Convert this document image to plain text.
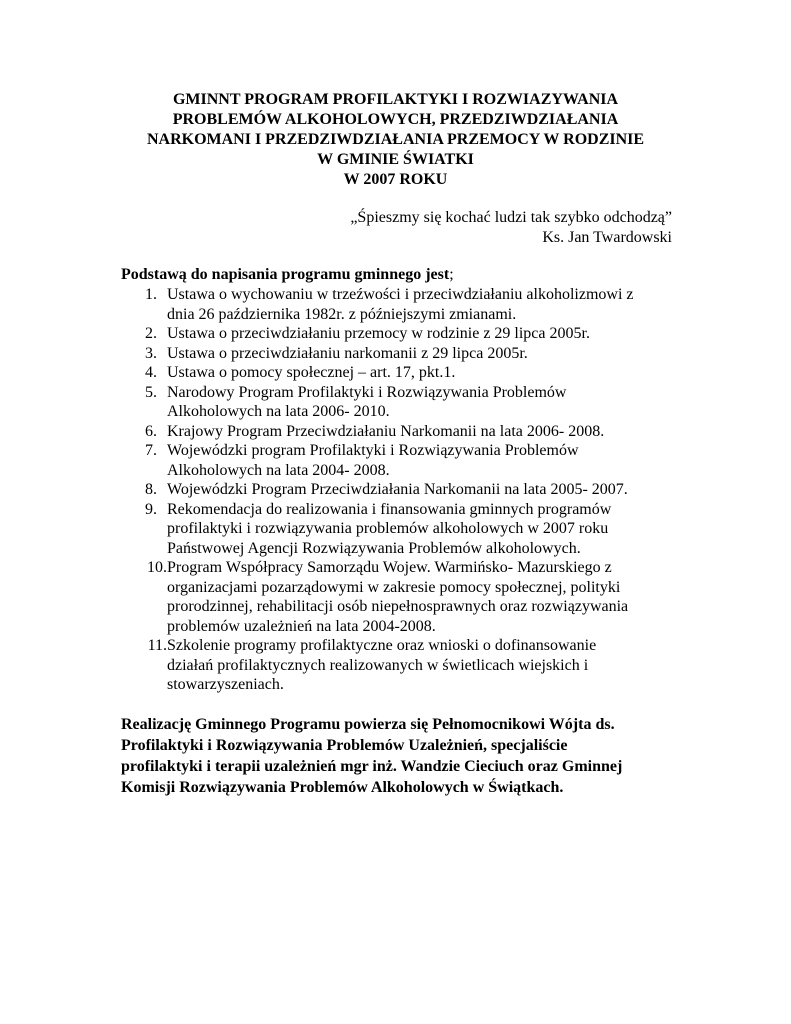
GMINNT PROGRAM PROFILAKTYKI I ROZWIAZYWANIA
PROBLEMÓW ALKOHOLOWYCH, PRZEDZIWDZIAŁANIA
NARKOMANI I PRZEDZIWDZIAŁANIA PRZEMOCY W RODZINIE
W GMINIE ŚWIATKI
W 2007 ROKU
„Śpieszmy się kochać ludzi tak szybko odchodzą”
Ks. Jan Twardowski
Podstawą do napisania programu gminnego jest;
1. Ustawa o wychowaniu w trzeźwości i przeciwdziałaniu alkoholizmowi z
dnia 26 października 1982r. z późniejszymi zmianami.
2. Ustawa o przeciwdziałaniu przemocy w rodzinie z 29 lipca 2005r.
3. Ustawa o przeciwdziałaniu narkomanii z 29 lipca 2005r.
4. Ustawa o pomocy społecznej – art. 17, pkt.1.
5. Narodowy Program Profilaktyki i Rozwiązywania Problemów
Alkoholowych na lata 2006- 2010.
6. Krajowy Program Przeciwdziałaniu Narkomanii na lata 2006- 2008.
7. Wojewódzki program Profilaktyki i Rozwiązywania Problemów
Alkoholowych na lata 2004- 2008.
8. Wojewódzki Program Przeciwdziałania Narkomanii na lata 2005- 2007.
9. Rekomendacja do realizowania i finansowania gminnych programów
profilaktyki i rozwiązywania problemów alkoholowych w 2007 roku
Państwowej Agencji Rozwiązywania Problemów alkoholowych.
10. Program Współpracy Samorządu Wojew. Warmińsko- Mazurskiego z
organizacjami pozarządowymi w zakresie pomocy społecznej, polityki
prorodzinnej, rehabilitacji osób niepełnosprawnych oraz rozwiązywania
problemów uzależnień na lata 2004-2008.
11. Szkolenie programy profilaktyczne oraz wnioski o dofinansowanie
działań profilaktycznych realizowanych w świetlicach wiejskich i
stowarzyszeniach.
Realizację Gminnego Programu powierza się Pełnomocnikowi Wójta ds.
Profilaktyki i Rozwiązywania Problemów Uzależnień, specjaliście
profilaktyki i terapii uzależnień mgr inż. Wandzie Cieciuch oraz Gminnej
Komisji Rozwiązywania Problemów Alkoholowych w Świątkach.
